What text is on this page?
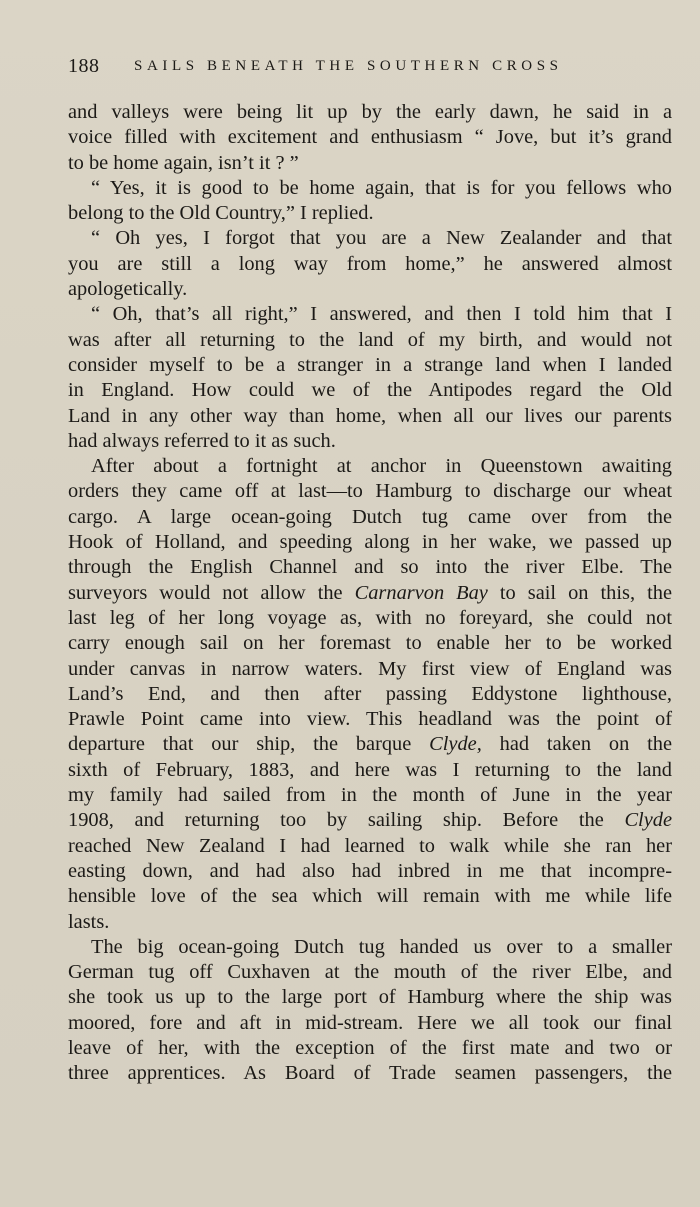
188 SAILS BENEATH THE SOUTHERN CROSS
and valleys were being lit up by the early dawn, he said in a
voice filled with excitement and enthusiasm “ Jove, but it’s grand
to be home again, isn’t it ? ”
“ Yes, it is good to be home again, that is for you fellows who
belong to the Old Country,” I replied.
“ Oh yes, I forgot that you are a New Zealander and that
you are still a long way from home,” he answered almost
apologetically.
“ Oh, that’s all right,” I answered, and then I told him that I
was after all returning to the land of my birth, and would not
consider myself to be a stranger in a strange land when I landed
in England. How could we of the Antipodes regard the Old
Land in any other way than home, when all our lives our parents
had always referred to it as such.
After about a fortnight at anchor in Queenstown awaiting
orders they came off at last—to Hamburg to discharge our wheat
cargo. A large ocean-going Dutch tug came over from the
Hook of Holland, and speeding along in her wake, we passed up
through the English Channel and so into the river Elbe. The
surveyors would not allow the Carnarvon Bay to sail on this, the
last leg of her long voyage as, with no foreyard, she could not
carry enough sail on her foremast to enable her to be worked
under canvas in narrow waters. My first view of England was
Land’s End, and then after passing Eddystone lighthouse,
Prawle Point came into view. This headland was the point of
departure that our ship, the barque Clyde, had taken on the
sixth of February, 1883, and here was I returning to the land
my family had sailed from in the month of June in the year
1908, and returning too by sailing ship. Before the Clyde
reached New Zealand I had learned to walk while she ran her
easting down, and had also had inbred in me that incompre-
hensible love of the sea which will remain with me while life
lasts.
The big ocean-going Dutch tug handed us over to a smaller
German tug off Cuxhaven at the mouth of the river Elbe, and
she took us up to the large port of Hamburg where the ship was
moored, fore and aft in mid-stream. Here we all took our final
leave of her, with the exception of the first mate and two or
three apprentices. As Board of Trade seamen passengers, the
